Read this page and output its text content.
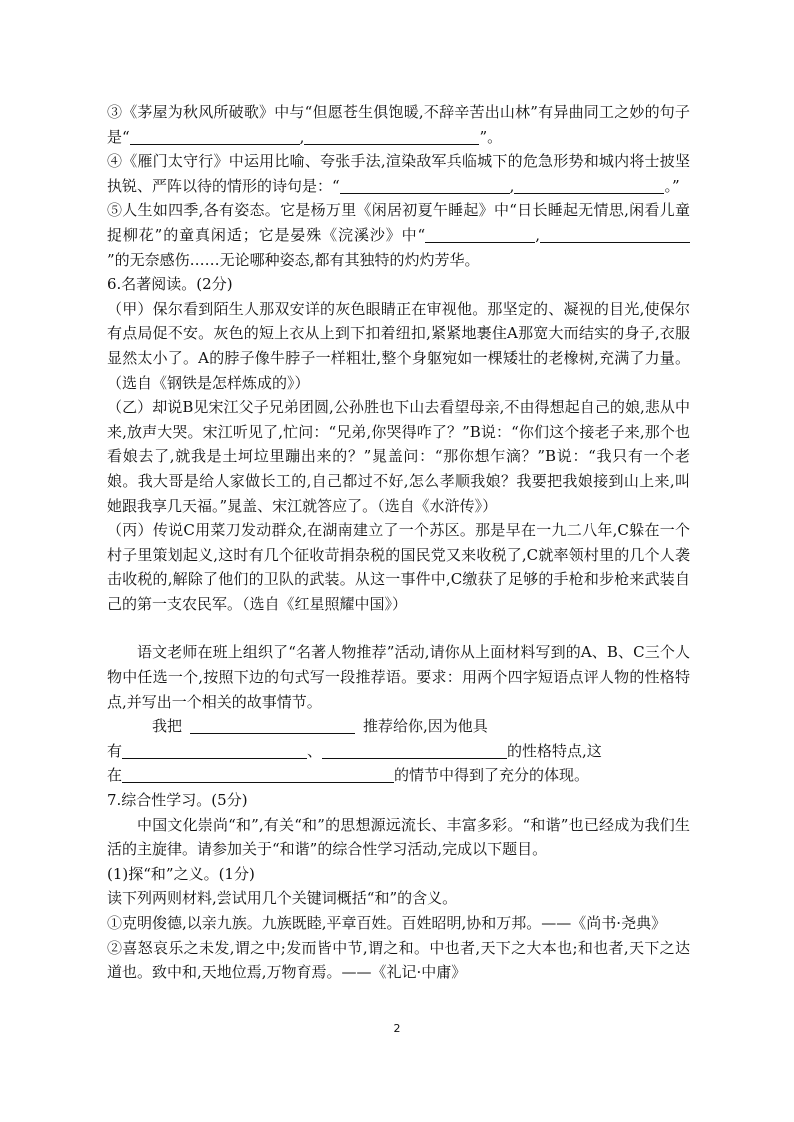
③《茅屋为秋风所破歌》中与“但愿苍生俱饱暖,不辞辛苦出山林”有异曲同工之妙的句子是“	,	”。

④《雁门太守行》中运用比喻、夸张手法,渲染敌军兵临城下的危急形势和城内将士披坚执锐、严阵以待的情形的诗句是：“	,	。”

⑤人生如四季,各有姿态。它是杨万里《闲居初夏午睡起》中“日长睡起无情思,闲看儿童捉柳花”的童真闲适；它是晏殊《浣溪沙》中“	,”的无奈感伤……无论哪种姿态,都有其独特的灼灼芳华。

6.名著阅读。(2分)

（甲）保尔看到陌生人那双安详的灰色眼睛正在审视他。那坚定的、凝视的目光,使保尔有点局促不安。灰色的短上衣从上到下扣着纽扣,紧紧地裹住A那宽大而结实的身子,衣服显然太小了。A的脖子像牛脖子一样粗壮,整个身躯宛如一棵矮壮的老橡树,充满了力量。（选自《钢铁是怎样炼成的》）

（乙）却说B见宋江父子兄弟团圆,公孙胜也下山去看望母亲,不由得想起自己的娘,悲从中来,放声大哭。宋江听见了,忙问：“兄弟,你哭得咋了？”B说：“你们这个接老子来,那个也看娘去了,就我是土坷垃里蹦出来的？”晁盖问：“那你想乍滴？”B说：“我只有一个老娘。我大哥是给人家做长工的,自己都过不好,怎么孝顺我娘？我要把我娘接到山上来,叫她跟我享几天福。”晁盖、宋江就答应了。（选自《水浒传》）

（丙）传说C用菜刀发动群众,在湖南建立了一个苏区。那是早在一九二八年,C躲在一个村子里策划起义,这时有几个征收苛捐杂税的国民党又来收税了,C就率领村里的几个人袭击收税的,解除了他们的卫队的武装。从这一事件中,C缴获了足够的手枪和步枪来武装自己的第一支农民军。（选自《红星照耀中国》）

语文老师在班上组织了“名著人物推荐”活动,请你从上面材料写到的A、B、C三个人物中任选一个,按照下边的句式写一段推荐语。要求：用两个四字短语点评人物的性格特点,并写出一个相关的故事情节。

我把	推荐给你,因为他具

有	、	的性格特点,这

在	的情节中得到了充分的体现。

7.综合性学习。(5分)

中国文化崇尚“和”,有关“和”的思想源远流长、丰富多彩。“和谐”也已经成为我们生活的主旋律。请参加关于“和谐”的综合性学习活动,完成以下题目。

(1)探“和”之义。(1分)

读下列两则材料,尝试用几个关键词概括“和”的含义。

①克明俊德,以亲九族。九族既睦,平章百姓。百姓昭明,协和万邦。——《尚书·尧典》

②喜怒哀乐之未发,谓之中;发而皆中节,谓之和。中也者,天下之大本也;和也者,天下之达道也。致中和,天地位焉,万物育焉。——《礼记·中庸》

2
